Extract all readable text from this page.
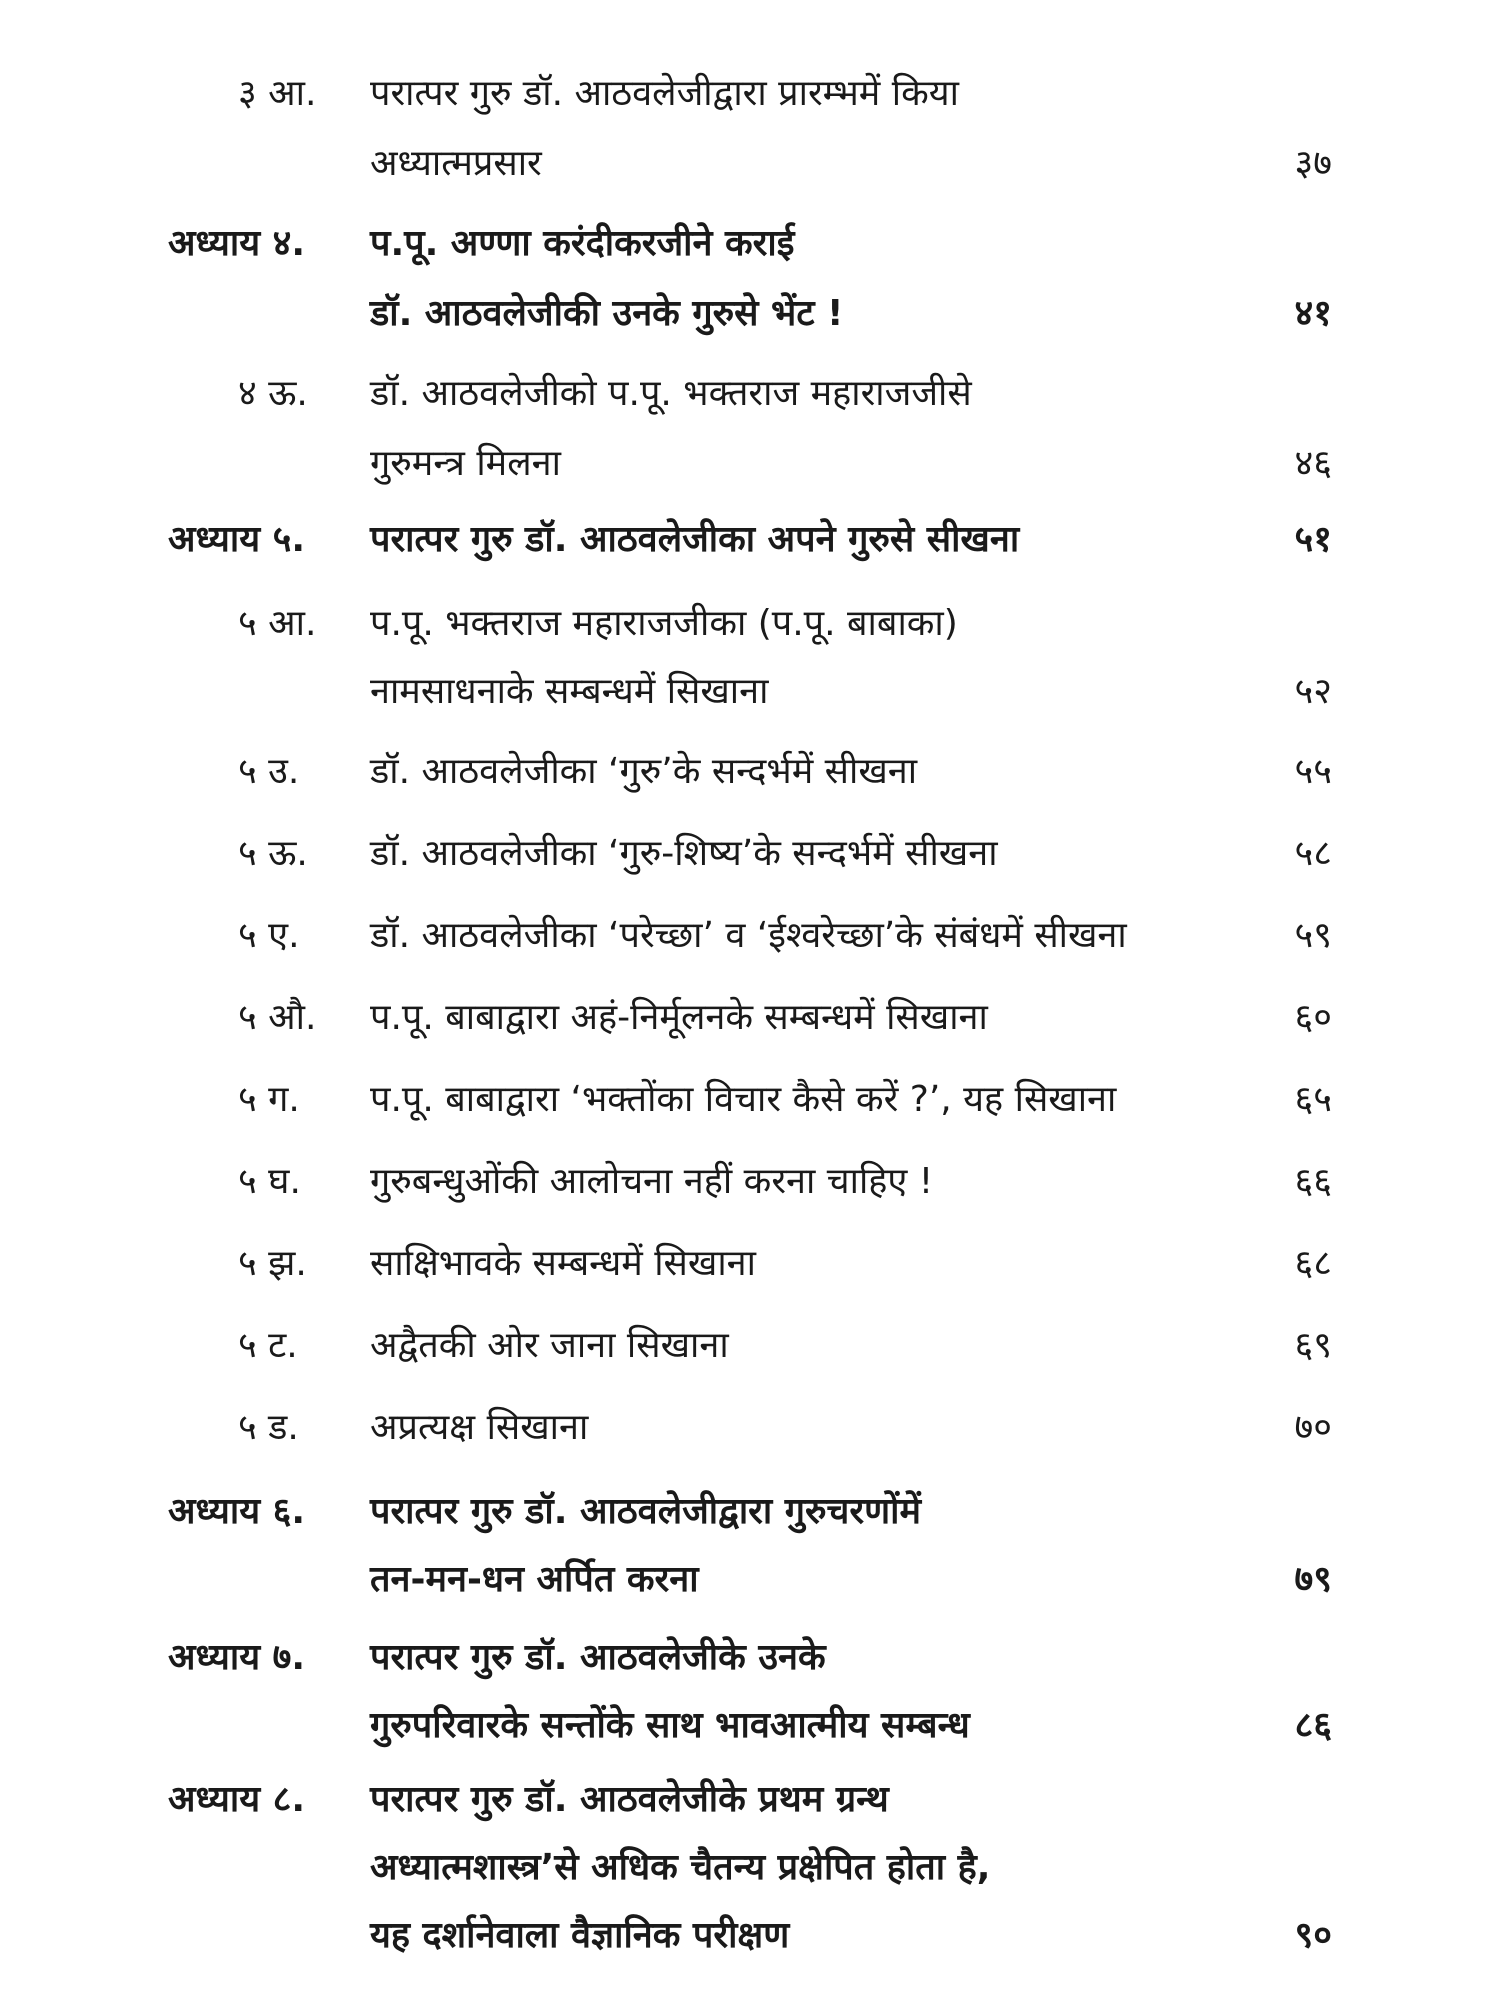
३ आ. परात्पर गुरु डॉ. आठवलेजीद्वारा प्रारम्भमें किया
अध्यात्मप्रसार	३७
अध्याय ४. प.पू. अण्णा करंदीकरजीने कराई
डॉ. आठवलेजीकी उनके गुरुसे भेंट !	४१
४ ऊ. डॉ. आठवलेजीको प.पू. भक्तराज महाराजजीसे
गुरुमन्त्र मिलना	४६
अध्याय ५. परात्पर गुरु डॉ. आठवलेजीका अपने गुरुसे सीखना	५१
५ आ. प.पू. भक्तराज महाराजजीका (प.पू. बाबाका)
नामसाधनाके सम्बन्धमें सिखाना	५२
५ उ. डॉ. आठवलेजीका ‘गुरु’के सन्दर्भमें सीखना	५५
५ ऊ. डॉ. आठवलेजीका ‘गुरु-शिष्य’के सन्दर्भमें सीखना	५८
५ ए. डॉ. आठवलेजीका ‘परेच्छा’ व ‘ईश्वरेच्छा’के संबंधमें सीखना	५९
५ औ. प.पू. बाबाद्वारा अहं-निर्मूलनके सम्बन्धमें सिखाना	६०
५ ग. प.पू. बाबाद्वारा ‘भक्तोंका विचार कैसे करें ?’, यह सिखाना	६५
५ घ. गुरुबन्धुओंकी आलोचना नहीं करना चाहिए !	६६
५ झ. साक्षिभावके सम्बन्धमें सिखाना	६८
५ ट. अद्वैतकी ओर जाना सिखाना	६९
५ ड. अप्रत्यक्ष सिखाना	७०
अध्याय ६. परात्पर गुरु डॉ. आठवलेजीद्वारा गुरुचरणोंमें
तन-मन-धन अर्पित करना	७९
अध्याय ७. परात्पर गुरु डॉ. आठवलेजीके उनके
गुरुपरिवारके सन्तोंके साथ भावआत्मीय सम्बन्ध	८६
अध्याय ८. परात्पर गुरु डॉ. आठवलेजीके प्रथम ग्रन्थ
अध्यात्मशास्त्र’से अधिक चैतन्य प्रक्षेपित होता है,
यह दर्शानेवाला वैज्ञानिक परीक्षण	९०
